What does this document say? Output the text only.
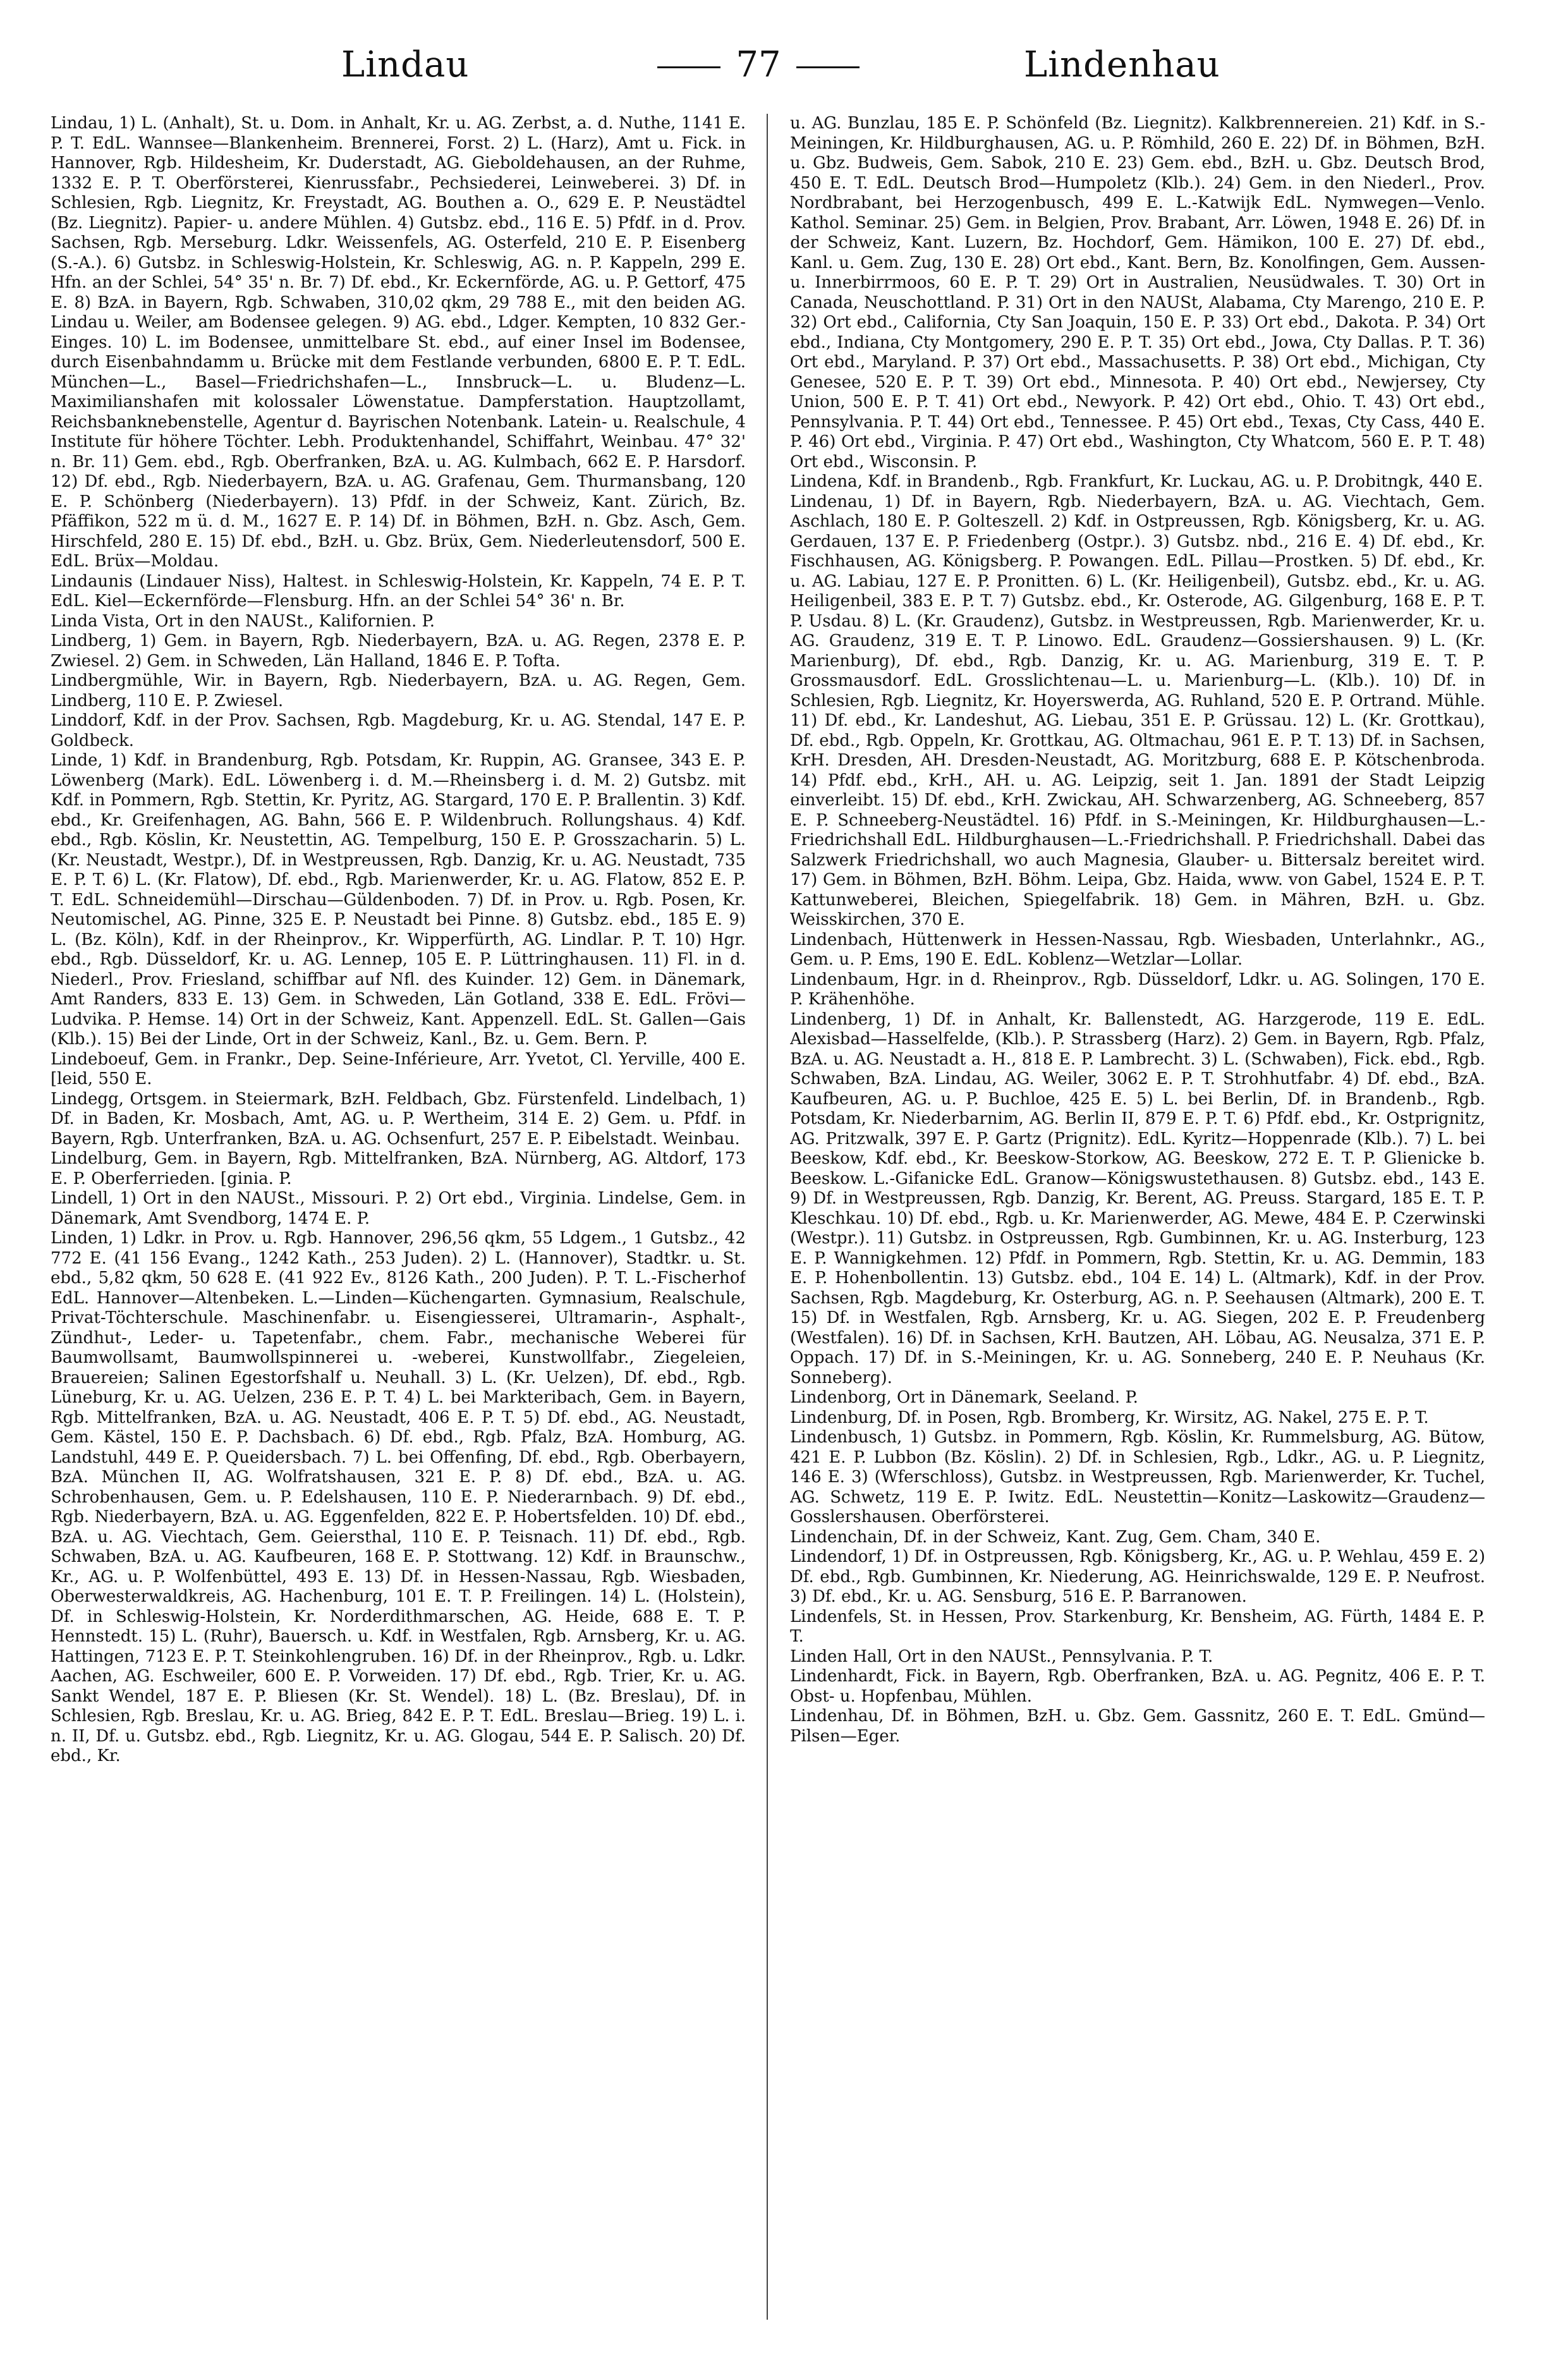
Lindau	77	Lindenhau

Lindau, 1) L. (Anhalt), St. u. Dom. in Anhalt, Kr. u. AG. Zerbst, a. d. Nuthe, 1141 E. P. T. EdL. Wannsee—Blankenheim. Brennerei, Forst. 2) L. (Harz), Amt u. Fick. in Hannover, Rgb. Hildesheim, Kr. Duderstadt, AG. Gieboldehausen, an der Ruhme, 1332 E. P. T. Oberförsterei, Kienrussfabr., Pechsiederei, Leinweberei. 3) Df. in Schlesien, Rgb. Liegnitz, Kr. Freystadt, AG. Bouthen a. O., 629 E. P. Neustädtel (Bz. Liegnitz). Papier- u. andere Mühlen. 4) Gutsbz. ebd., 116 E. 5) Pfdf. in d. Prov. Sachsen, Rgb. Merseburg. Ldkr. Weissenfels, AG. Osterfeld, 210 E. P. Eisenberg (S.-A.). 6) Gutsbz. in Schleswig-Holstein, Kr. Schleswig, AG. n. P. Kappeln, 299 E. Hfn. an der Schlei, 54° 35' n. Br. 7) Df. ebd., Kr. Eckernförde, AG. u. P. Gettorf, 475 E. 8) BzA. in Bayern, Rgb. Schwaben, 310,02 qkm, 29 788 E., mit den beiden AG. Lindau u. Weiler, am Bodensee gelegen. 9) AG. ebd., Ldger. Kempten, 10 832 Ger.-Einges. 10) L. im Bodensee, unmittelbare St. ebd., auf einer Insel im Bodensee, durch Eisenbahndamm u. Brücke mit dem Festlande verbunden, 6800 E. P. T. EdL. München—L., Basel—Friedrichshafen—L., Innsbruck—L. u. Bludenz—L. Maximilianshafen mit kolossaler Löwenstatue. Dampferstation. Hauptzollamt, Reichsbanknebenstelle, Agentur d. Bayrischen Notenbank. Latein- u. Realschule, 4 Institute für höhere Töchter. Lebh. Produktenhandel, Schiffahrt, Weinbau. 47° 32' n. Br. 11) Gem. ebd., Rgb. Oberfranken, BzA. u. AG. Kulmbach, 662 E. P. Harsdorf. 12) Df. ebd., Rgb. Niederbayern, BzA. u. AG. Grafenau, Gem. Thurmansbang, 120 E. P. Schönberg (Niederbayern). 13) Pfdf. in der Schweiz, Kant. Zürich, Bz. Pfäffikon, 522 m ü. d. M., 1627 E. P. 14) Df. in Böhmen, BzH. n. Gbz. Asch, Gem. Hirschfeld, 280 E. 15) Df. ebd., BzH. u. Gbz. Brüx, Gem. Niederleutensdorf, 500 E. EdL. Brüx—Moldau.

Lindaunis (Lindauer Niss), Haltest. in Schleswig-Holstein, Kr. Kappeln, 74 E. P. T. EdL. Kiel—Eckernförde—Flensburg. Hfn. an der Schlei 54° 36' n. Br.

Linda Vista, Ort in den NAUSt., Kalifornien. P.

Lindberg, 1) Gem. in Bayern, Rgb. Niederbayern, BzA. u. AG. Regen, 2378 E. P. Zwiesel. 2) Gem. in Schweden, Län Halland, 1846 E. P. Tofta.

Lindbergmühle, Wir. in Bayern, Rgb. Niederbayern, BzA. u. AG. Regen, Gem. Lindberg, 110 E. P. Zwiesel.

Linddorf, Kdf. in der Prov. Sachsen, Rgb. Magdeburg, Kr. u. AG. Stendal, 147 E. P. Goldbeck.

Linde, 1) Kdf. in Brandenburg, Rgb. Potsdam, Kr. Ruppin, AG. Gransee, 343 E. P. Löwenberg (Mark). EdL. Löwenberg i. d. M.—Rheinsberg i. d. M. 2) Gutsbz. mit Kdf. in Pommern, Rgb. Stettin, Kr. Pyritz, AG. Stargard, 170 E. P. Brallentin. 3) Kdf. ebd., Kr. Greifenhagen, AG. Bahn, 566 E. P. Wildenbruch. Rollungshaus. 4) Kdf. ebd., Rgb. Köslin, Kr. Neustettin, AG. Tempelburg, 150 E. P. Grosszacharin. 5) L. (Kr. Neustadt, Westpr.), Df. in Westpreussen, Rgb. Danzig, Kr. u. AG. Neustadt, 735 E. P. T. 6) L. (Kr. Flatow), Df. ebd., Rgb. Marienwerder, Kr. u. AG. Flatow, 852 E. P. T. EdL. Schneidemühl—Dirschau—Güldenboden. 7) Df. in Prov. u. Rgb. Posen, Kr. Neutomischel, AG. Pinne, 325 E. P. Neustadt bei Pinne. 8) Gutsbz. ebd., 185 E. 9) L. (Bz. Köln), Kdf. in der Rheinprov., Kr. Wipperfürth, AG. Lindlar. P. T. 10) Hgr. ebd., Rgb. Düsseldorf, Kr. u. AG. Lennep, 105 E. P. Lüttringhausen. 11) Fl. in d. Niederl., Prov. Friesland, schiffbar auf Nfl. des Kuinder. 12) Gem. in Dänemark, Amt Randers, 833 E. 13) Gem. in Schweden, Län Gotland, 338 E. EdL. Frövi—Ludvika. P. Hemse. 14) Ort in der Schweiz, Kant. Appenzell. EdL. St. Gallen—Gais (Klb.). 15) Bei der Linde, Ort in der Schweiz, Kanl., Bz. u. Gem. Bern. P.

Lindeboeuf, Gem. in Frankr., Dep. Seine-Inférieure, Arr. Yvetot, Cl. Yerville, 400 E. [leid, 550 E.

Lindegg, Ortsgem. in Steiermark, BzH. Feldbach, Gbz. Fürstenfeld. Lindelbach, 1) Df. in Baden, Kr. Mosbach, Amt, AG. u. P. Wertheim, 314 E. 2) Gem. u. Pfdf. in Bayern, Rgb. Unterfranken, BzA. u. AG. Ochsenfurt, 257 E. P. Eibelstadt. Weinbau.

Lindelburg, Gem. in Bayern, Rgb. Mittelfranken, BzA. Nürnberg, AG. Altdorf, 173 E. P. Oberferrieden. [ginia. P.

Lindell, 1) Ort in den NAUSt., Missouri. P. 2) Ort ebd., Virginia. Lindelse, Gem. in Dänemark, Amt Svendborg, 1474 E. P.

Linden, 1) Ldkr. in Prov. u. Rgb. Hannover, 296,56 qkm, 55 Ldgem., 1 Gutsbz., 42 772 E. (41 156 Evang., 1242 Kath., 253 Juden). 2) L. (Hannover), Stadtkr. u. St. ebd., 5,82 qkm, 50 628 E. (41 922 Ev., 8126 Kath., 200 Juden). P. T. L.-Fischerhof EdL. Hannover—Altenbeken. L.—Linden—Küchengarten. Gymnasium, Realschule, Privat-Töchterschule. Maschinenfabr. u. Eisengiesserei, Ultramarin-, Asphalt-, Zündhut-, Leder- u. Tapetenfabr., chem. Fabr., mechanische Weberei für Baumwollsamt, Baumwollspinnerei u. -weberei, Kunstwollfabr., Ziegeleien, Brauereien; Salinen Egestorfshalf u. Neuhall. 3) L. (Kr. Uelzen), Df. ebd., Rgb. Lüneburg, Kr. u. AG. Uelzen, 236 E. P. T. 4) L. bei Markteribach, Gem. in Bayern, Rgb. Mittelfranken, BzA. u. AG. Neustadt, 406 E. P. T. 5) Df. ebd., AG. Neustadt, Gem. Kästel, 150 E. P. Dachsbach. 6) Df. ebd., Rgb. Pfalz, BzA. Homburg, AG. Landstuhl, 449 E. P. Queidersbach. 7) L. bei Offenfing, Df. ebd., Rgb. Oberbayern, BzA. München II, AG. Wolfratshausen, 321 E. P. 8) Df. ebd., BzA. u. AG. Schrobenhausen, Gem. u. P. Edelshausen, 110 E. P. Niederarnbach. 9) Df. ebd., Rgb. Niederbayern, BzA. u. AG. Eggenfelden, 822 E. P. Hobertsfelden. 10) Df. ebd., BzA. u. AG. Viechtach, Gem. Geiersthal, 110 E. P. Teisnach. 11) Df. ebd., Rgb. Schwaben, BzA. u. AG. Kaufbeuren, 168 E. P. Stottwang. 12) Kdf. in Braunschw., Kr., AG. u. P. Wolfenbüttel, 493 E. 13) Df. in Hessen-Nassau, Rgb. Wiesbaden, Oberwesterwaldkreis, AG. Hachenburg, 101 E. T. P. Freilingen. 14) L. (Holstein), Df. in Schleswig-Holstein, Kr. Norderdithmarschen, AG. Heide, 688 E. T. P. Hennstedt. 15) L. (Ruhr), Bauersch. u. Kdf. in Westfalen, Rgb. Arnsberg, Kr. u. AG. Hattingen, 7123 E. P. T. Steinkohlengruben. 16) Df. in der Rheinprov., Rgb. u. Ldkr. Aachen, AG. Eschweiler, 600 E. P. Vorweiden. 17) Df. ebd., Rgb. Trier, Kr. u. AG. Sankt Wendel, 187 E. P. Bliesen (Kr. St. Wendel). 18) L. (Bz. Breslau), Df. in Schlesien, Rgb. Breslau, Kr. u. AG. Brieg, 842 E. P. T. EdL. Breslau—Brieg. 19) L. i. n. II, Df. u. Gutsbz. ebd., Rgb. Liegnitz, Kr. u. AG. Glogau, 544 E. P. Salisch. 20) Df. ebd., Kr.

u. AG. Bunzlau, 185 E. P. Schönfeld (Bz. Liegnitz). Kalkbrennereien. 21) Kdf. in S.-Meiningen, Kr. Hildburghausen, AG. u. P. Römhild, 260 E. 22) Df. in Böhmen, BzH. u. Gbz. Budweis, Gem. Sabok, 210 E. 23) Gem. ebd., BzH. u. Gbz. Deutsch Brod, 450 E. T. EdL. Deutsch Brod—Humpoletz (Klb.). 24) Gem. in den Niederl., Prov. Nordbrabant, bei Herzogenbusch, 499 E. L.-Katwijk EdL. Nymwegen—Venlo. Kathol. Seminar. 25) Gem. in Belgien, Prov. Brabant, Arr. Löwen, 1948 E. 26) Df. in der Schweiz, Kant. Luzern, Bz. Hochdorf, Gem. Hämikon, 100 E. 27) Df. ebd., Kanl. u. Gem. Zug, 130 E. 28) Ort ebd., Kant. Bern, Bz. Konolfingen, Gem. Aussen- u. Innerbirrmoos, 60 E. P. T. 29) Ort in Australien, Neusüdwales. T. 30) Ort in Canada, Neuschottland. P. 31) Ort in den NAUSt, Alabama, Cty Marengo, 210 E. P. 32) Ort ebd., California, Cty San Joaquin, 150 E. P. 33) Ort ebd., Dakota. P. 34) Ort ebd., Indiana, Cty Montgomery, 290 E. P. T. 35) Ort ebd., Jowa, Cty Dallas. P. T. 36) Ort ebd., Maryland. P. 37) Ort ebd., Massachusetts. P. 38) Ort ebd., Michigan, Cty Genesee, 520 E. P. T. 39) Ort ebd., Minnesota. P. 40) Ort ebd., Newjersey, Cty Union, 500 E. P. T. 41) Ort ebd., Newyork. P. 42) Ort ebd., Ohio. T. 43) Ort ebd., Pennsylvania. P. T. 44) Ort ebd., Tennessee. P. 45) Ort ebd., Texas, Cty Cass, 440 E. P. 46) Ort ebd., Virginia. P. 47) Ort ebd., Washington, Cty Whatcom, 560 E. P. T. 48) Ort ebd., Wisconsin. P.

Lindena, Kdf. in Brandenb., Rgb. Frankfurt, Kr. Luckau, AG. u. P. Drobitngk, 440 E.

Lindenau, 1) Df. in Bayern, Rgb. Niederbayern, BzA. u. AG. Viechtach, Gem. Aschlach, 180 E. P. Golteszell. 2) Kdf. in Ostpreussen, Rgb. Königsberg, Kr. u. AG. Gerdauen, 137 E. P. Friedenberg (Ostpr.). 3) Gutsbz. nbd., 216 E. 4) Df. ebd., Kr. Fischhausen, AG. Königsberg. P. Powangen. EdL. Pillau—Prostken. 5) Df. ebd., Kr. u. AG. Labiau, 127 E. P. Pronitten. 6) L. (Kr. Heiligenbeil), Gutsbz. ebd., Kr. u. AG. Heiligenbeil, 383 E. P. T. 7) Gutsbz. ebd., Kr. Osterode, AG. Gilgenburg, 168 E. P. T. P. Usdau. 8) L. (Kr. Graudenz), Gutsbz. in Westpreussen, Rgb. Marienwerder, Kr. u. AG. Graudenz, 319 E. T. P. Linowo. EdL. Graudenz—Gossiershausen. 9) L. (Kr. Marienburg), Df. ebd., Rgb. Danzig, Kr. u. AG. Marienburg, 319 E. T. P. Grossmausdorf. EdL. Grosslichtenau—L. u. Marienburg—L. (Klb.). 10) Df. in Schlesien, Rgb. Liegnitz, Kr. Hoyerswerda, AG. Ruhland, 520 E. P. Ortrand. Mühle. 11) Df. ebd., Kr. Landeshut, AG. Liebau, 351 E. P. Grüssau. 12) L. (Kr. Grottkau), Df. ebd., Rgb. Oppeln, Kr. Grottkau, AG. Oltmachau, 961 E. P. T. 13) Df. in Sachsen, KrH. Dresden, AH. Dresden-Neustadt, AG. Moritzburg, 688 E. P. Kötschenbroda. 14) Pfdf. ebd., KrH., AH. u. AG. Leipzig, seit 1. Jan. 1891 der Stadt Leipzig einverleibt. 15) Df. ebd., KrH. Zwickau, AH. Schwarzenberg, AG. Schneeberg, 857 E. P. Schneeberg-Neustädtel. 16) Pfdf. in S.-Meiningen, Kr. Hildburghausen—L.-Friedrichshall EdL. Hildburghausen—L.-Friedrichshall. P. Friedrichshall. Dabei das Salzwerk Friedrichshall, wo auch Magnesia, Glauber- u. Bittersalz bereitet wird. 17) Gem. in Böhmen, BzH. Böhm. Leipa, Gbz. Haida, www. von Gabel, 1524 E. P. T. Kattunweberei, Bleichen, Spiegelfabrik. 18) Gem. in Mähren, BzH. u. Gbz. Weisskirchen, 370 E.

Lindenbach, Hüttenwerk in Hessen-Nassau, Rgb. Wiesbaden, Unterlahnkr., AG., Gem. u. P. Ems, 190 E. EdL. Koblenz—Wetzlar—Lollar.

Lindenbaum, Hgr. in d. Rheinprov., Rgb. Düsseldorf, Ldkr. u. AG. Solingen, 170 E. P. Krähenhöhe.

Lindenberg, 1) Df. in Anhalt, Kr. Ballenstedt, AG. Harzgerode, 119 E. EdL. Alexisbad—Hasselfelde, (Klb.). P. Strassberg (Harz). 2) Gem. in Bayern, Rgb. Pfalz, BzA. u. AG. Neustadt a. H., 818 E. P. Lambrecht. 3) L. (Schwaben), Fick. ebd., Rgb. Schwaben, BzA. Lindau, AG. Weiler, 3062 E. P. T. Strohhutfabr. 4) Df. ebd., BzA. Kaufbeuren, AG. u. P. Buchloe, 425 E. 5) L. bei Berlin, Df. in Brandenb., Rgb. Potsdam, Kr. Niederbarnim, AG. Berlin II, 879 E. P. T. 6) Pfdf. ebd., Kr. Ostprignitz, AG. Pritzwalk, 397 E. P. Gartz (Prignitz). EdL. Kyritz—Hoppenrade (Klb.). 7) L. bei Beeskow, Kdf. ebd., Kr. Beeskow-Storkow, AG. Beeskow, 272 E. T. P. Glienicke b. Beeskow. L.-Gifanicke EdL. Granow—Königswustethausen. 8) Gutsbz. ebd., 143 E. 9) Df. in Westpreussen, Rgb. Danzig, Kr. Berent, AG. Preuss. Stargard, 185 E. T. P. Kleschkau. 10) Df. ebd., Rgb. u. Kr. Marienwerder, AG. Mewe, 484 E. P. Czerwinski (Westpr.). 11) Gutsbz. in Ostpreussen, Rgb. Gumbinnen, Kr. u. AG. Insterburg, 123 E. P. Wannigkehmen. 12) Pfdf. in Pommern, Rgb. Stettin, Kr. u. AG. Demmin, 183 E. P. Hohenbollentin. 13) Gutsbz. ebd., 104 E. 14) L. (Altmark), Kdf. in der Prov. Sachsen, Rgb. Magdeburg, Kr. Osterburg, AG. n. P. Seehausen (Altmark), 200 E. T. 15) Df. in Westfalen, Rgb. Arnsberg, Kr. u. AG. Siegen, 202 E. P. Freudenberg (Westfalen). 16) Df. in Sachsen, KrH. Bautzen, AH. Löbau, AG. Neusalza, 371 E. P. Oppach. 17) Df. in S.-Meiningen, Kr. u. AG. Sonneberg, 240 E. P. Neuhaus (Kr. Sonneberg).

Lindenborg, Ort in Dänemark, Seeland. P.

Lindenburg, Df. in Posen, Rgb. Bromberg, Kr. Wirsitz, AG. Nakel, 275 E. P. T.

Lindenbusch, 1) Gutsbz. in Pommern, Rgb. Köslin, Kr. Rummelsburg, AG. Bütow, 421 E. P. Lubbon (Bz. Köslin). 2) Df. in Schlesien, Rgb., Ldkr., AG. u. P. Liegnitz, 146 E. 3) (Wferschloss), Gutsbz. in Westpreussen, Rgb. Marienwerder, Kr. Tuchel, AG. Schwetz, 119 E. P. Iwitz. EdL. Neustettin—Konitz—Laskowitz—Graudenz—Gosslershausen. Oberförsterei.

Lindenchain, Df. in der Schweiz, Kant. Zug, Gem. Cham, 340 E.

Lindendorf, 1) Df. in Ostpreussen, Rgb. Königsberg, Kr., AG. u. P. Wehlau, 459 E. 2) Df. ebd., Rgb. Gumbinnen, Kr. Niederung, AG. Heinrichswalde, 129 E. P. Neufrost. 3) Df. ebd., Kr. u. AG. Sensburg, 516 E. P. Barranowen.

Lindenfels, St. in Hessen, Prov. Starkenburg, Kr. Bensheim, AG. Fürth, 1484 E. P. T.

Linden Hall, Ort in den NAUSt., Pennsylvania. P. T.

Lindenhardt, Fick. in Bayern, Rgb. Oberfranken, BzA. u. AG. Pegnitz, 406 E. P. T. Obst- u. Hopfenbau, Mühlen.

Lindenhau, Df. in Böhmen, BzH. u. Gbz. Gem. Gassnitz, 260 E. T. EdL. Gmünd—Pilsen—Eger.
